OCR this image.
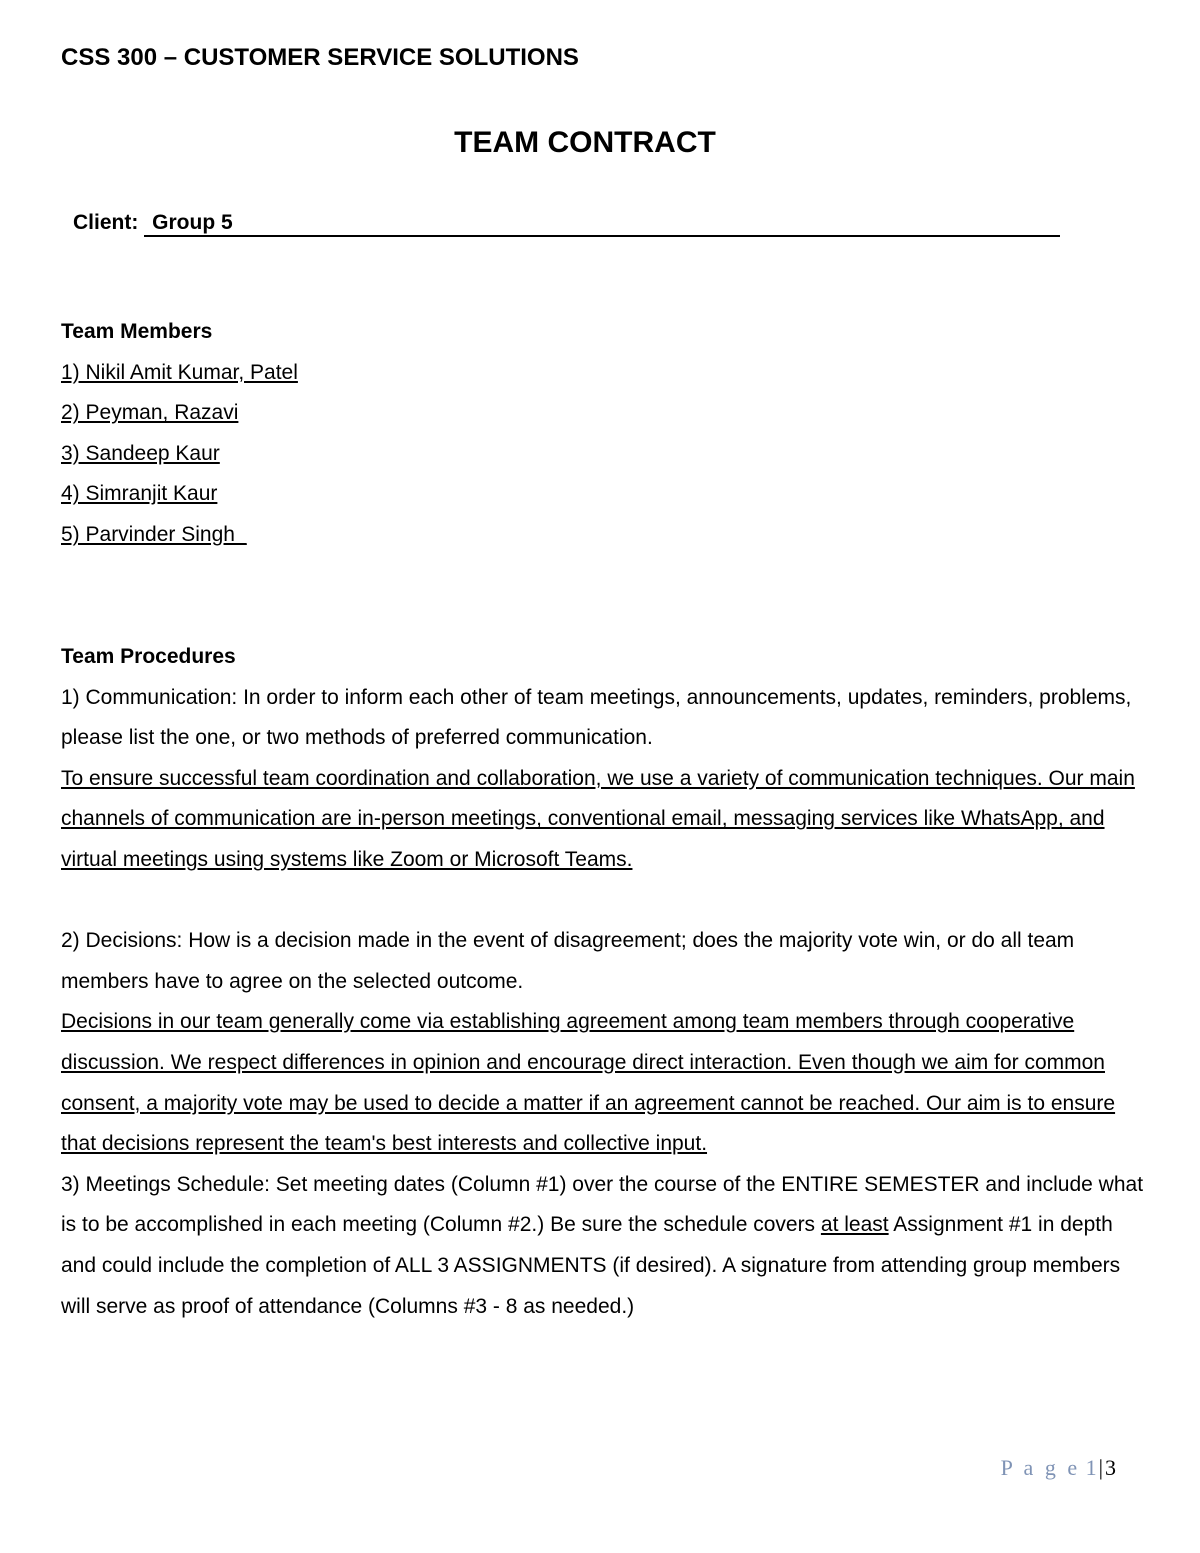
CSS 300 – CUSTOMER SERVICE SOLUTIONS
TEAM CONTRACT
Client: Group 5
Team Members
1) Nikil Amit Kumar, Patel
2) Peyman, Razavi
3) Sandeep Kaur
4) Simranjit Kaur
5) Parvinder Singh_
Team Procedures
1) Communication: In order to inform each other of team meetings, announcements, updates, reminders, problems, please list the one, or two methods of preferred communication.
To ensure successful team coordination and collaboration, we use a variety of communication techniques. Our main channels of communication are in-person meetings, conventional email, messaging services like WhatsApp, and virtual meetings using systems like Zoom or Microsoft Teams.
2) Decisions: How is a decision made in the event of disagreement; does the majority vote win, or do all team members have to agree on the selected outcome.
Decisions in our team generally come via establishing agreement among team members through cooperative discussion. We respect differences in opinion and encourage direct interaction. Even though we aim for common consent, a majority vote may be used to decide a matter if an agreement cannot be reached. Our aim is to ensure that decisions represent the team's best interests and collective input.
3) Meetings Schedule: Set meeting dates (Column #1) over the course of the ENTIRE SEMESTER and include what is to be accomplished in each meeting (Column #2.) Be sure the schedule covers at least Assignment #1 in depth and could include the completion of ALL 3 ASSIGNMENTS (if desired). A signature from attending group members will serve as proof of attendance (Columns #3 - 8 as needed.)
P a g e 1|3
